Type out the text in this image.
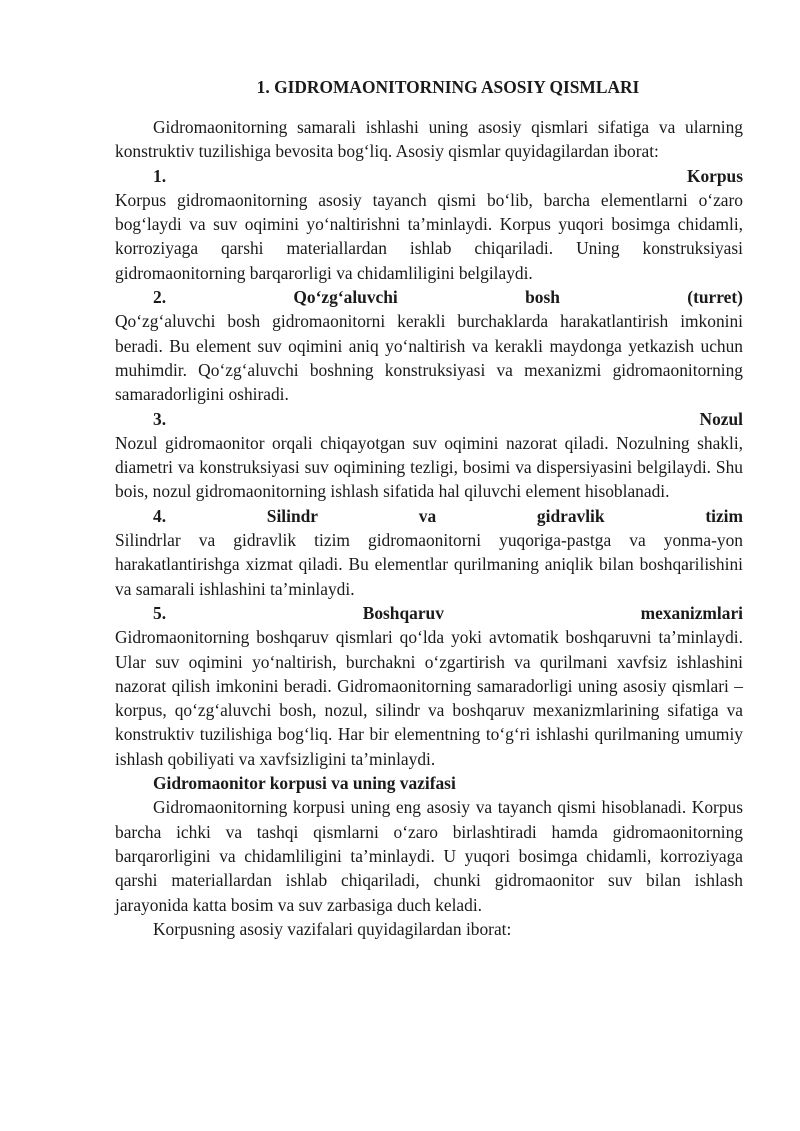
1. GIDROMAONITORNING ASOSIY QISMLARI

Gidromaonitorning samarali ishlashi uning asosiy qismlari sifatiga va ularning konstruktiv tuzilishiga bevosita bog‘liq. Asosiy qismlar quyidagilardan iborat:

1.	Korpus

Korpus gidromaonitorning asosiy tayanch qismi bo‘lib, barcha elementlarni o‘zaro bog‘laydi va suv oqimini yo‘naltirishni ta’minlaydi. Korpus yuqori bosimga chidamli, korroziyaga qarshi materiallardan ishlab chiqariladi. Uning konstruksiyasi gidromaonitorning barqarorligi va chidamliligini belgilaydi.

2.	Qo‘zg‘aluvchi	bosh	(turret)

Qo‘zg‘aluvchi bosh gidromaonitorni kerakli burchaklarda harakatlantirish imkonini beradi. Bu element suv oqimini aniq yo‘naltirish va kerakli maydonga yetkazish uchun muhimdir. Qo‘zg‘aluvchi boshning konstruksiyasi va mexanizmi gidromaonitorning samaradorligini oshiradi.

3.	Nozul

Nozul gidromaonitor orqali chiqayotgan suv oqimini nazorat qiladi. Nozulning shakli, diametri va konstruksiyasi suv oqimining tezligi, bosimi va dispersiyasini belgilaydi. Shu bois, nozul gidromaonitorning ishlash sifatida hal qiluvchi element hisoblanadi.

4.	Silindr	va	gidravlik	tizim

Silindrlar va gidravlik tizim gidromaonitorni yuqoriga-pastga va yonma-yon harakatlantirishga xizmat qiladi. Bu elementlar qurilmaning aniqlik bilan boshqarilishini va samarali ishlashini ta’minlaydi.

5.	Boshqaruv	mexanizmlari

Gidromaonitorning boshqaruv qismlari qo‘lda yoki avtomatik boshqaruvni ta’minlaydi. Ular suv oqimini yo‘naltirish, burchakni o‘zgartirish va qurilmani xavfsiz ishlashini nazorat qilish imkonini beradi. Gidromaonitorning samaradorligi uning asosiy qismlari – korpus, qo‘zg‘aluvchi bosh, nozul, silindr va boshqaruv mexanizmlarining sifatiga va konstruktiv tuzilishiga bog‘liq. Har bir elementning to‘g‘ri ishlashi qurilmaning umumiy ishlash qobiliyati va xavfsizligini ta’minlaydi.

Gidromaonitor korpusi va uning vazifasi

Gidromaonitorning korpusi uning eng asosiy va tayanch qismi hisoblanadi. Korpus barcha ichki va tashqi qismlarni o‘zaro birlashtiradi hamda gidromaonitorning barqarorligini va chidamliligini ta’minlaydi. U yuqori bosimga chidamli, korroziyaga qarshi materiallardan ishlab chiqariladi, chunki gidromaonitor suv bilan ishlash jarayonida katta bosim va suv zarbasiga duch keladi.

Korpusning asosiy vazifalari quyidagilardan iborat:
